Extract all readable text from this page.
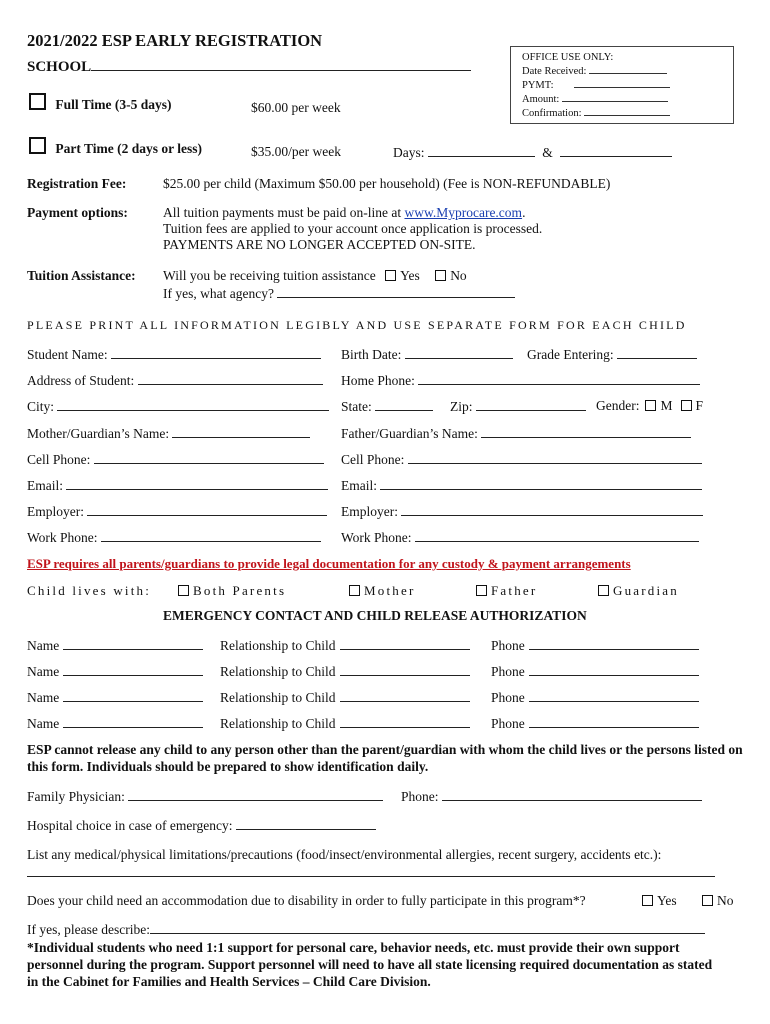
2021/2022 ESP EARLY REGISTRATION
SCHOOL
OFFICE USE ONLY:
Date Received:
PYMT:
Amount:
Confirmation:
Full Time (3-5 days)	$60.00 per week
Part Time (2 days or less)	$35.00/per week	Days:	&
Registration Fee:	$25.00 per child (Maximum $50.00 per household) (Fee is NON-REFUNDABLE)
Payment options:	All tuition payments must be paid on-line at www.Myprocare.com.
Tuition fees are applied to your account once application is processed.
PAYMENTS ARE NO LONGER ACCEPTED ON-SITE.
Tuition Assistance: Will you be receiving tuition assistance Yes No
If yes, what agency?
PLEASE PRINT ALL INFORMATION LEGIBLY AND USE SEPARATE FORM FOR EACH CHILD
Student Name:	Birth Date:	Grade Entering:
Address of Student:	Home Phone:
City:	State:	Zip:	Gender: M F
Mother/Guardian’s Name:	Father/Guardian’s Name:
Cell Phone:	Cell Phone:
Email:	Email:
Employer:	Employer:
Work Phone:	Work Phone:
ESP requires all parents/guardians to provide legal documentation for any custody & payment arrangements
Child lives with:	Both Parents	Mother	Father	Guardian
EMERGENCY CONTACT AND CHILD RELEASE AUTHORIZATION
Name	Relationship to Child	Phone
Name	Relationship to Child	Phone
Name	Relationship to Child	Phone
Name	Relationship to Child	Phone
ESP cannot release any child to any person other than the parent/guardian with whom the child lives or the persons listed on this form. Individuals should be prepared to show identification daily.
Family Physician:	Phone:
Hospital choice in case of emergency:
List any medical/physical limitations/precautions (food/insect/environmental allergies, recent surgery, accidents etc.):
Does your child need an accommodation due to disability in order to fully participate in this program*?	Yes	No
If yes, please describe:
*Individual students who need 1:1 support for personal care, behavior needs, etc. must provide their own support personnel during the program. Support personnel will need to have all state licensing required documentation as stated in the Cabinet for Families and Health Services – Child Care Division.
